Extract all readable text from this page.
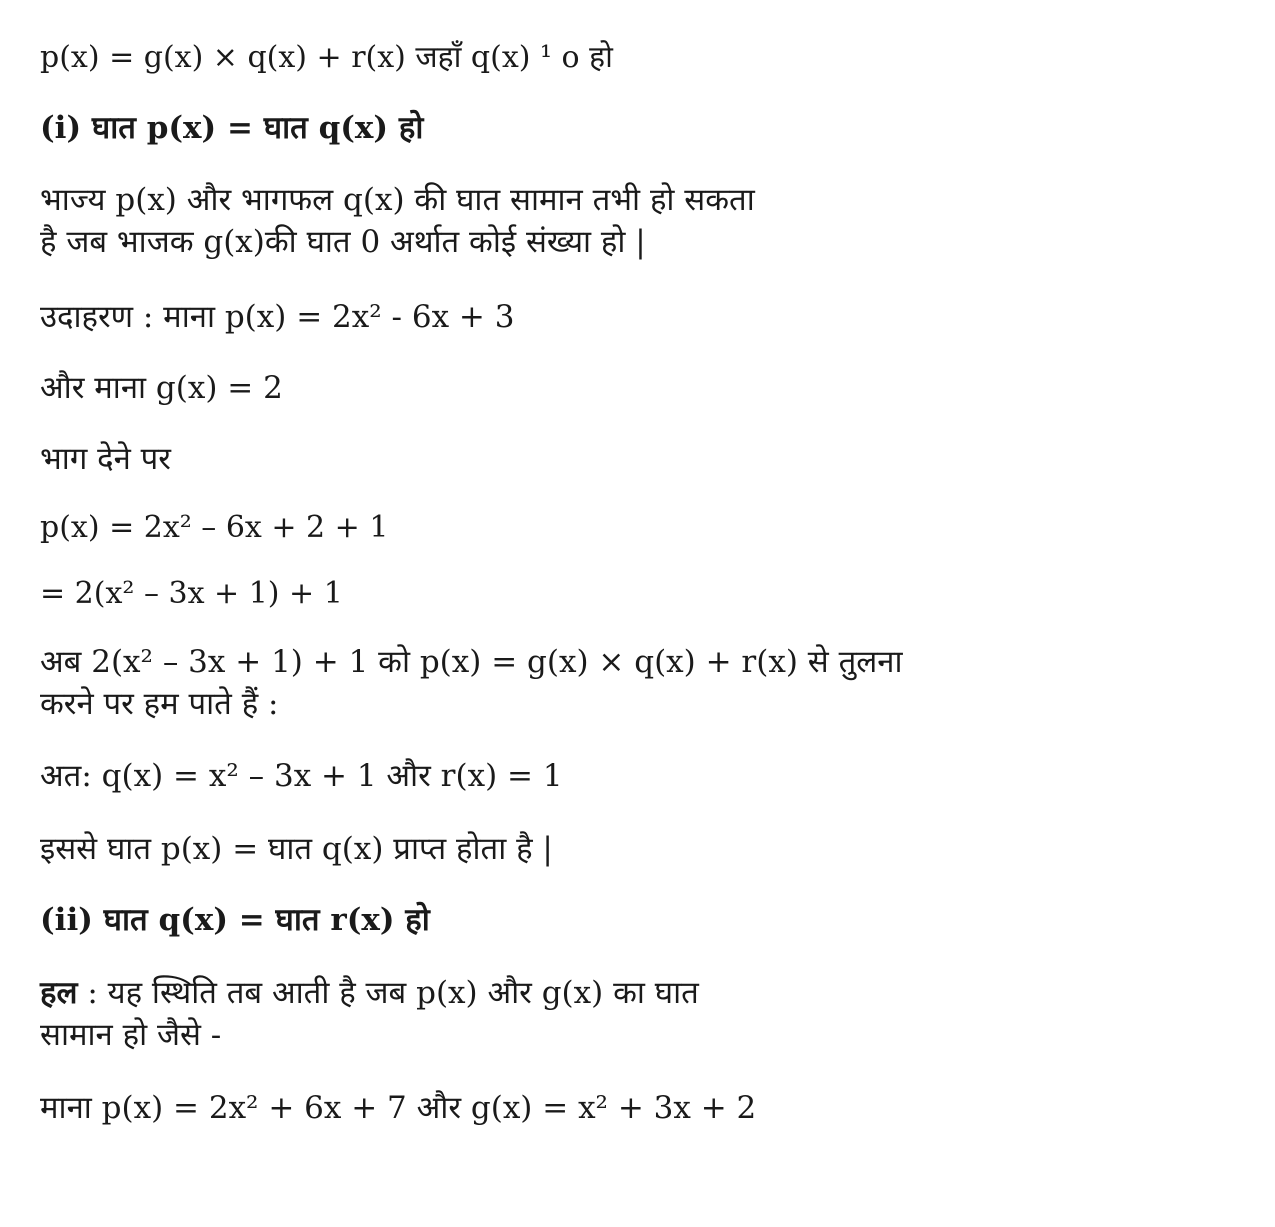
p(x) = g(x) × q(x) + r(x) जहाँ q(x) ¹ o हो
(i) घात p(x) = घात q(x) हो
भाज्य p(x) और भागफल q(x) की घात सामान तभी हो सकता
है जब भाजक g(x)की घात 0 अर्थात कोई संख्या हो |
उदाहरण : माना p(x) = 2x² - 6x + 3
और माना g(x) = 2
भाग देने पर
p(x) = 2x² – 6x + 2 + 1
= 2(x² – 3x + 1) + 1
अब 2(x² – 3x + 1) + 1 को p(x) = g(x) × q(x) + r(x) से तुलना
करने पर हम पाते हैं :
अत: q(x) = x² – 3x + 1 और r(x) = 1
इससे घात p(x) = घात q(x) प्राप्त होता है |
(ii) घात q(x) = घात r(x) हो
हल : यह स्थिति तब आती है जब p(x) और g(x) का घात
सामान हो जैसे -
माना p(x) = 2x² + 6x + 7 और g(x) = x² + 3x + 2
